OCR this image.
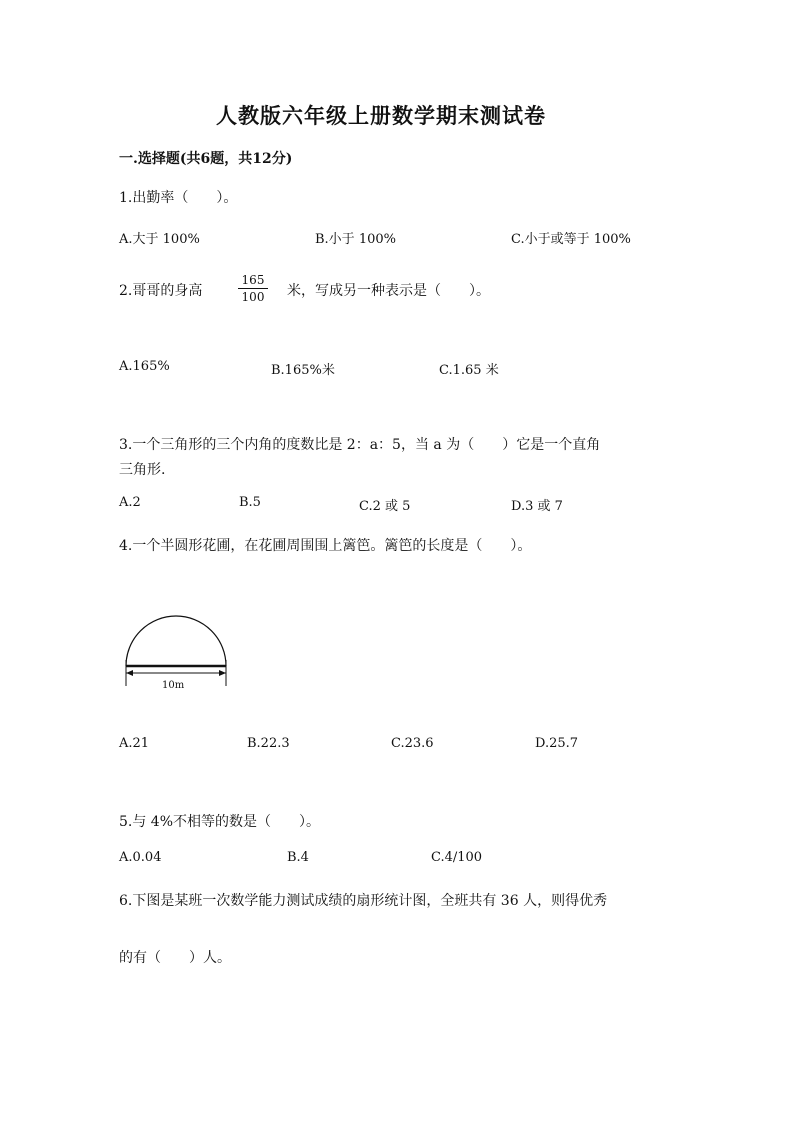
人教版六年级上册数学期末测试卷
一.选择题(共6题，共12分)
1.出勤率（　　）。
A.大于 100%	B.小于 100%	C.小于或等于 100%
2.哥哥的身高	$\frac{165}{100}$ 米，写成另一种表示是（　　）。
A.165%	B.165%米	C.1.65 米
3.一个三角形的三个内角的度数比是 2：a：5，当 a 为（　　）它是一个直角
三角形.
A.2	B.5	C.2 或 5	D.3 或 7
4.一个半圆形花圃，在花圃周围围上篱笆。篱笆的长度是（　　）。
10m
A.21	B.22.3	C.23.6	D.25.7
5.与 4%不相等的数是（　　）。
A.0.04	B.4	C.4/100
6.下图是某班一次数学能力测试成绩的扇形统计图，全班共有 36 人，则得优秀
的有（　　）人。
